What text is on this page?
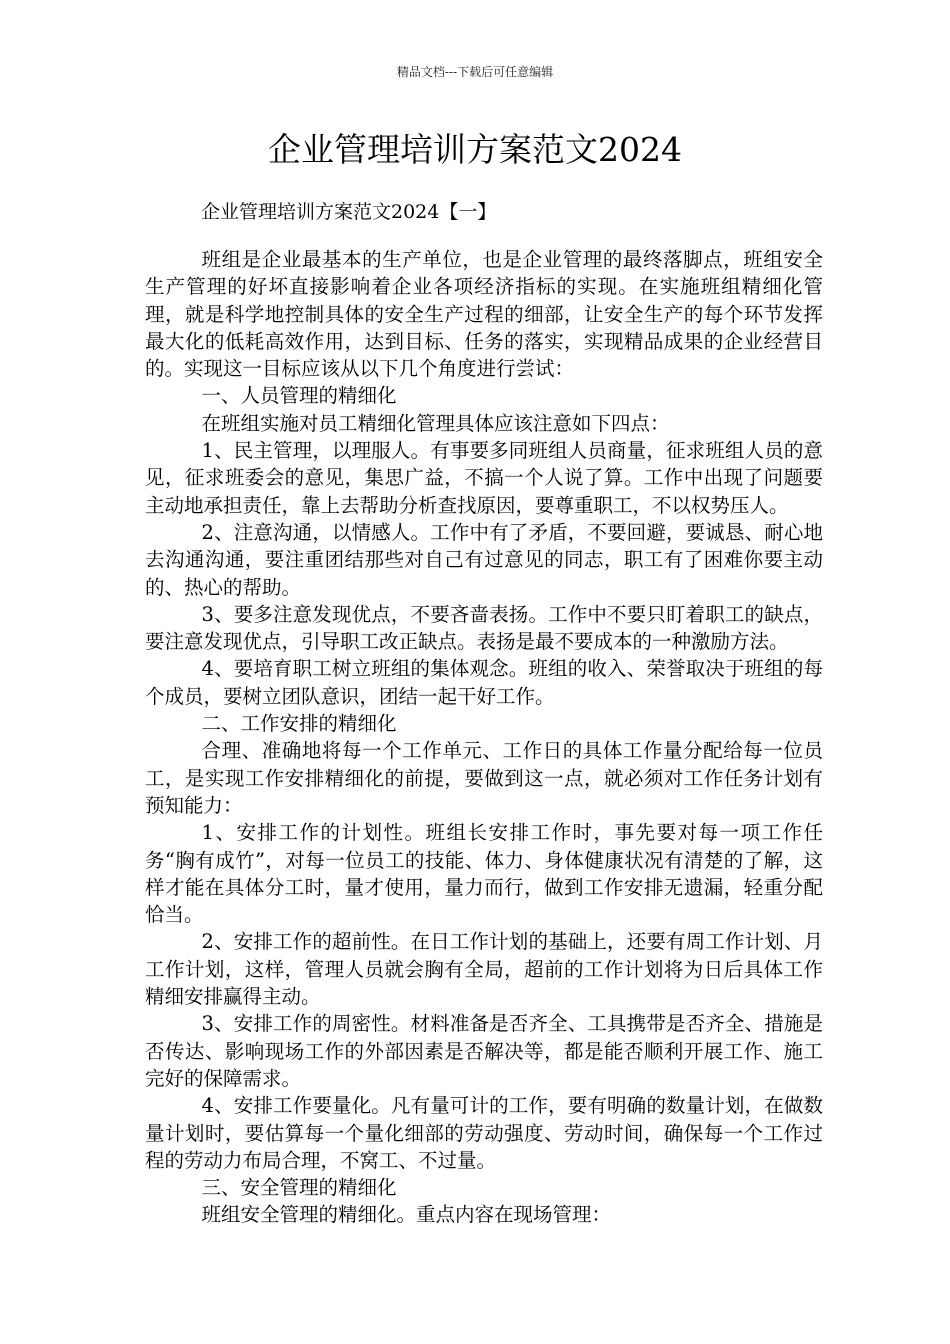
精品文档---下载后可任意编辑
企业管理培训方案范文2024

企业管理培训方案范文2024【一】

班组是企业最基本的生产单位，也是企业管理的最终落脚点，班组安全生产管理的好坏直接影响着企业各项经济指标的实现。在实施班组精细化管理，就是科学地控制具体的安全生产过程的细部，让安全生产的每个环节发挥最大化的低耗高效作用，达到目标、任务的落实，实现精品成果的企业经营目的。实现这一目标应该从以下几个角度进行尝试：

一、人员管理的精细化

在班组实施对员工精细化管理具体应该注意如下四点：

1、民主管理，以理服人。有事要多同班组人员商量，征求班组人员的意见，征求班委会的意见，集思广益，不搞一个人说了算。工作中出现了问题要主动地承担责任，靠上去帮助分析查找原因，要尊重职工，不以权势压人。

2、注意沟通，以情感人。工作中有了矛盾，不要回避，要诚恳、耐心地去沟通沟通，要注重团结那些对自己有过意见的同志，职工有了困难你要主动的、热心的帮助。

3、要多注意发现优点，不要吝啬表扬。工作中不要只盯着职工的缺点，要注意发现优点，引导职工改正缺点。表扬是最不要成本的一种激励方法。

4、要培育职工树立班组的集体观念。班组的收入、荣誉取决于班组的每个成员，要树立团队意识，团结一起干好工作。

二、工作安排的精细化

合理、准确地将每一个工作单元、工作日的具体工作量分配给每一位员工，是实现工作安排精细化的前提，要做到这一点，就必须对工作任务计划有预知能力：

1、安排工作的计划性。班组长安排工作时，事先要对每一项工作任务“胸有成竹”，对每一位员工的技能、体力、身体健康状况有清楚的了解，这样才能在具体分工时，量才使用，量力而行，做到工作安排无遗漏，轻重分配恰当。

2、安排工作的超前性。在日工作计划的基础上，还要有周工作计划、月工作计划，这样，管理人员就会胸有全局，超前的工作计划将为日后具体工作精细安排赢得主动。

3、安排工作的周密性。材料准备是否齐全、工具携带是否齐全、措施是否传达、影响现场工作的外部因素是否解决等，都是能否顺利开展工作、施工完好的保障需求。

4、安排工作要量化。凡有量可计的工作，要有明确的数量计划，在做数量计划时，要估算每一个量化细部的劳动强度、劳动时间，确保每一个工作过程的劳动力布局合理，不窝工、不过量。

三、安全管理的精细化

班组安全管理的精细化。重点内容在现场管理：
